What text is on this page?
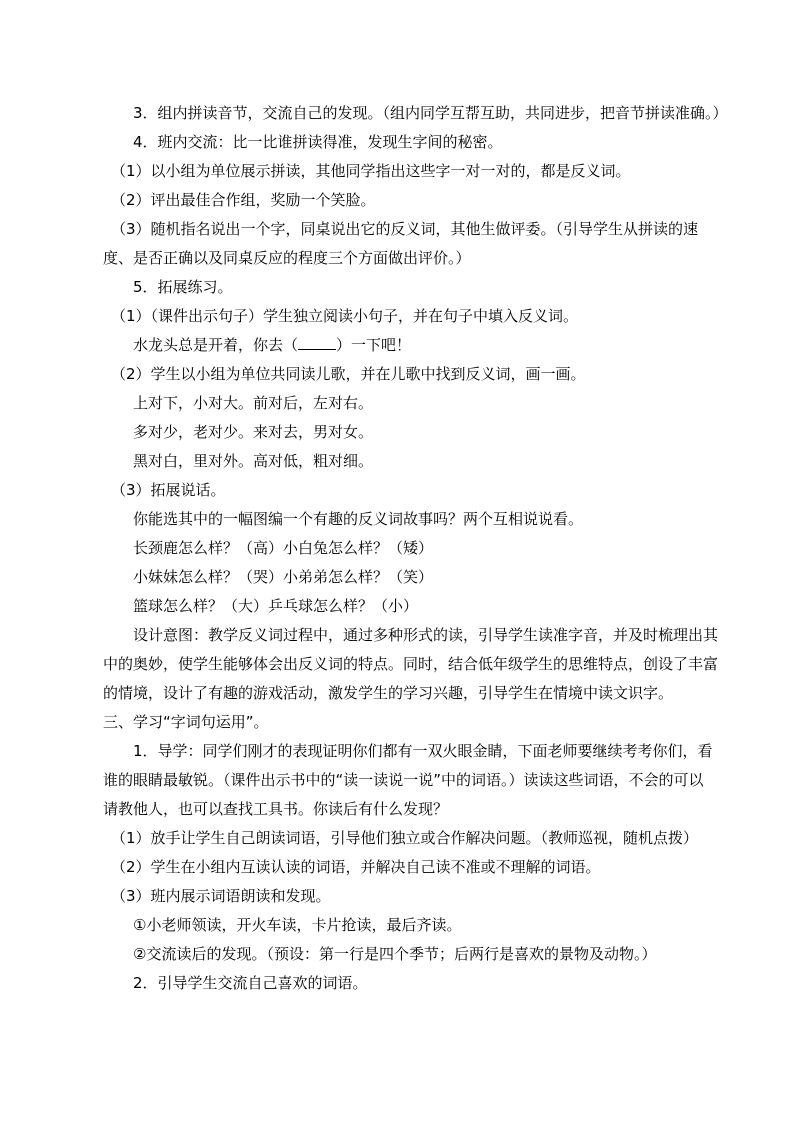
3．组内拼读音节，交流自己的发现。（组内同学互帮互助，共同进步，把音节拼读准确。）
4．班内交流：比一比谁拼读得准，发现生字间的秘密。
（1）以小组为单位展示拼读，其他同学指出这些字一对一对的，都是反义词。
（2）评出最佳合作组，奖励一个笑脸。
（3）随机指名说出一个字，同桌说出它的反义词，其他生做评委。（引导学生从拼读的速
度、是否正确以及同桌反应的程度三个方面做出评价。）
5．拓展练习。
（1）（课件出示句子）学生独立阅读小句子，并在句子中填入反义词。
水龙头总是开着，你去（	）一下吧！
（2）学生以小组为单位共同读儿歌，并在儿歌中找到反义词，画一画。
上对下，小对大。前对后，左对右。
多对少，老对少。来对去，男对女。
黑对白，里对外。高对低，粗对细。
（3）拓展说话。
你能选其中的一幅图编一个有趣的反义词故事吗？两个互相说说看。
长颈鹿怎么样？（高）小白兔怎么样？（矮）
小妹妹怎么样？（哭）小弟弟怎么样？（笑）
篮球怎么样？（大）乒乓球怎么样？（小）
设计意图：教学反义词过程中，通过多种形式的读，引导学生读准字音，并及时梳理出其
中的奥妙，使学生能够体会出反义词的特点。同时，结合低年级学生的思维特点，创设了丰富
的情境，设计了有趣的游戏活动，激发学生的学习兴趣，引导学生在情境中读文识字。
三、学习“字词句运用”。
1．导学：同学们刚才的表现证明你们都有一双火眼金睛，下面老师要继续考考你们，看
谁的眼睛最敏锐。（课件出示书中的“读一读说一说”中的词语。）读读这些词语，不会的可以
请教他人，也可以查找工具书。你读后有什么发现？
（1）放手让学生自己朗读词语，引导他们独立或合作解决问题。（教师巡视，随机点拨）
（2）学生在小组内互读认读的词语，并解决自己读不准或不理解的词语。
（3）班内展示词语朗读和发现。
①小老师领读，开火车读，卡片抢读，最后齐读。
②交流读后的发现。（预设：第一行是四个季节；后两行是喜欢的景物及动物。）
2．引导学生交流自己喜欢的词语。
